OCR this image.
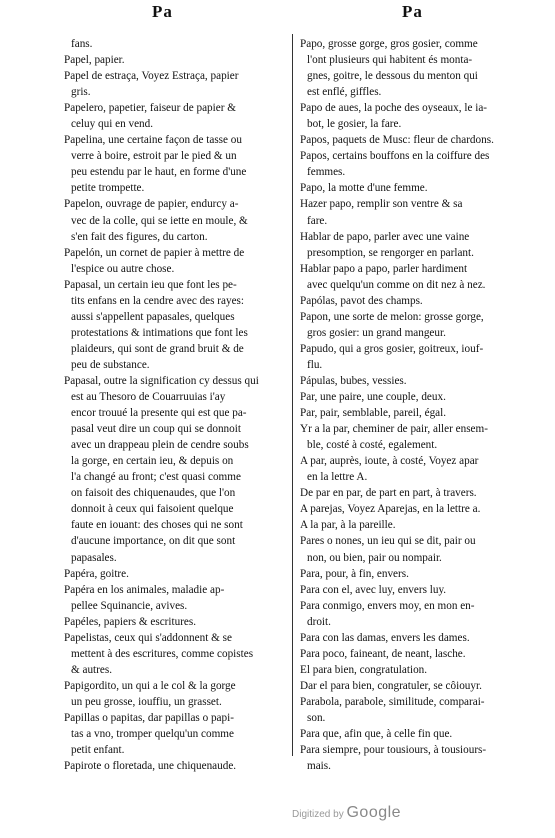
Pa	Pa
fans.
Papel, papier.
Papel de estraça, Voyez Estraça, papier
gris.
Papelero, papetier, faiseur de papier &
celuy qui en vend.
Papelina, une certaine façon de tasse ou
verre à boire, estroit par le pied & un
peu estendu par le haut, en forme d'une
petite trompette.
Papelon, ouvrage de papier, endurcy a-
vec de la colle, qui se iette en moule, &
s'en fait des figures, du carton.
Papelón, un cornet de papier à mettre de
l'espice ou autre chose.
Papasal, un certain ieu que font les pe-
tits enfans en la cendre avec des rayes:
aussi s'appellent papasales, quelques
protestations & intimations que font les
plaideurs, qui sont de grand bruit & de
peu de substance.
Papasal, outre la signification cy dessus qui
est au Thesoro de Couarruuias i'ay
encor trouué la presente qui est que pa-
pasal veut dire un coup qui se donnoit
avec un drappeau plein de cendre soubs
la gorge, en certain ieu, & depuis on
l'a changé au front; c'est quasi comme
on faisoit des chiquenaudes, que l'on
donnoit à ceux qui faisoient quelque
faute en iouant: des choses qui ne sont
d'aucune importance, on dit que sont
papasales.
Papéra, goitre.
Papéra en los animales, maladie ap-
pellee Squinancie, avives.
Papéles, papiers & escritures.
Papelistas, ceux qui s'addonnent & se
mettent à des escritures, comme copistes
& autres.
Papigordito, un qui a le col & la gorge
un peu grosse, iouffiu, un grasset.
Papillas o papitas, dar papillas o papi-
tas a vno, tromper quelqu'un comme
petit enfant.
Papirote o floretada, une chiquenaude.
Papo, grosse gorge, gros gosier, comme
l'ont plusieurs qui habitent és monta-
gnes, goitre, le dessous du menton qui
est enflé, giffles.
Papo de aues, la poche des oyseaux, le ia-
bot, le gosier, la fare.
Papos, paquets de Musc: fleur de chardons.
Papos, certains bouffons en la coiffure des
femmes.
Papo, la motte d'une femme.
Hazer papo, remplir son ventre & sa
fare.
Hablar de papo, parler avec une vaine
presomption, se rengorger en parlant.
Hablar papo a papo, parler hardiment
avec quelqu'un comme on dit nez à nez.
Papólas, pavot des champs.
Papon, une sorte de melon: grosse gorge,
gros gosier: un grand mangeur.
Papudo, qui a gros gosier, goitreux, iouf-
flu.
Pápulas, bubes, vessies.
Par, une paire, une couple, deux.
Par, pair, semblable, pareil, égal.
Yr a la par, cheminer de pair, aller ensem-
ble, costé à costé, egalement.
A par, auprès, ioute, à costé, Voyez apar
en la lettre A.
De par en par, de part en part, à travers.
A parejas, Voyez Aparejas, en la lettre a.
A la par, à la pareille.
Pares o nones, un ieu qui se dit, pair ou
non, ou bien, pair ou nompair.
Para, pour, à fin, envers.
Para con el, avec luy, envers luy.
Para conmigo, envers moy, en mon en-
droit.
Para con las damas, envers les dames.
Para poco, faineant, de neant, lasche.
El para bien, congratulation.
Dar el para bien, congratuler, se côiouyr.
Parabola, parabole, similitude, comparai-
son.
Para que, afin que, à celle fin que.
Para siempre, pour tousiours, à tousiours-
mais.
Digitized by Google
